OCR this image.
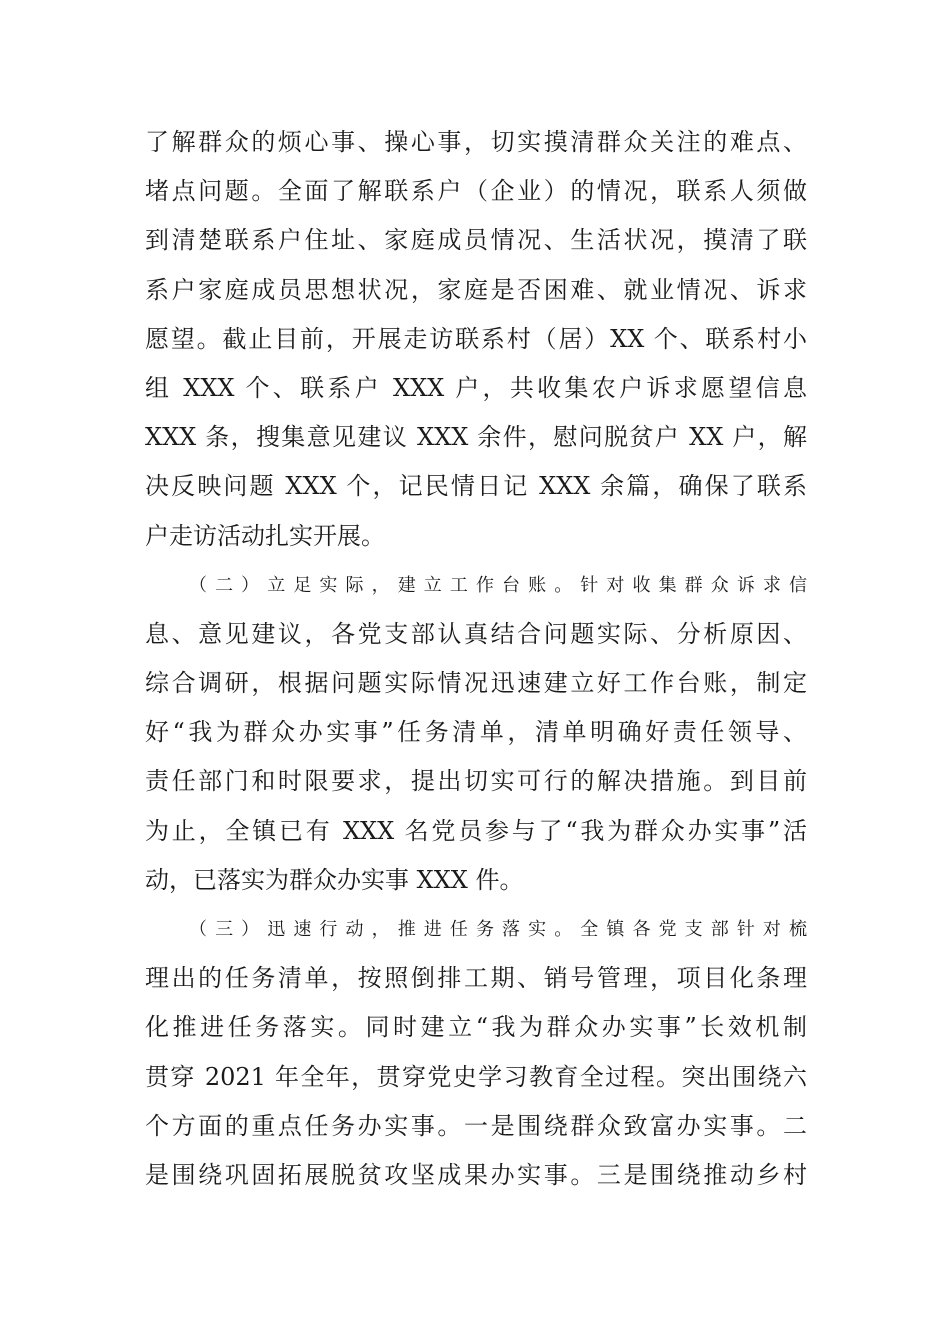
了解群众的烦心事、操心事，切实摸清群众关注的难点、
堵点问题。全面了解联系户（企业）的情况，联系人须做
到清楚联系户住址、家庭成员情况、生活状况，摸清了联
系户家庭成员思想状况，家庭是否困难、就业情况、诉求
愿望。截止目前，开展走访联系村（居）XX 个、联系村小
组 XXX 个、联系户 XXX 户，共收集农户诉求愿望信息
XXX 条，搜集意见建议 XXX 余件，慰问脱贫户 XX 户，解
决反映问题 XXX 个，记民情日记 XXX 余篇，确保了联系
户走访活动扎实开展。
（二）立足实际，建立工作台账。针对收集群众诉求信
息、意见建议，各党支部认真结合问题实际、分析原因、
综合调研，根据问题实际情况迅速建立好工作台账，制定
好“我为群众办实事”任务清单，清单明确好责任领导、
责任部门和时限要求，提出切实可行的解决措施。到目前
为止，全镇已有 XXX 名党员参与了“我为群众办实事”活
动，已落实为群众办实事 XXX 件。
（三）迅速行动，推进任务落实。全镇各党支部针对梳
理出的任务清单，按照倒排工期、销号管理，项目化条理
化推进任务落实。同时建立“我为群众办实事”长效机制
贯穿 2021 年全年，贯穿党史学习教育全过程。突出围绕六
个方面的重点任务办实事。一是围绕群众致富办实事。二
是围绕巩固拓展脱贫攻坚成果办实事。三是围绕推动乡村
